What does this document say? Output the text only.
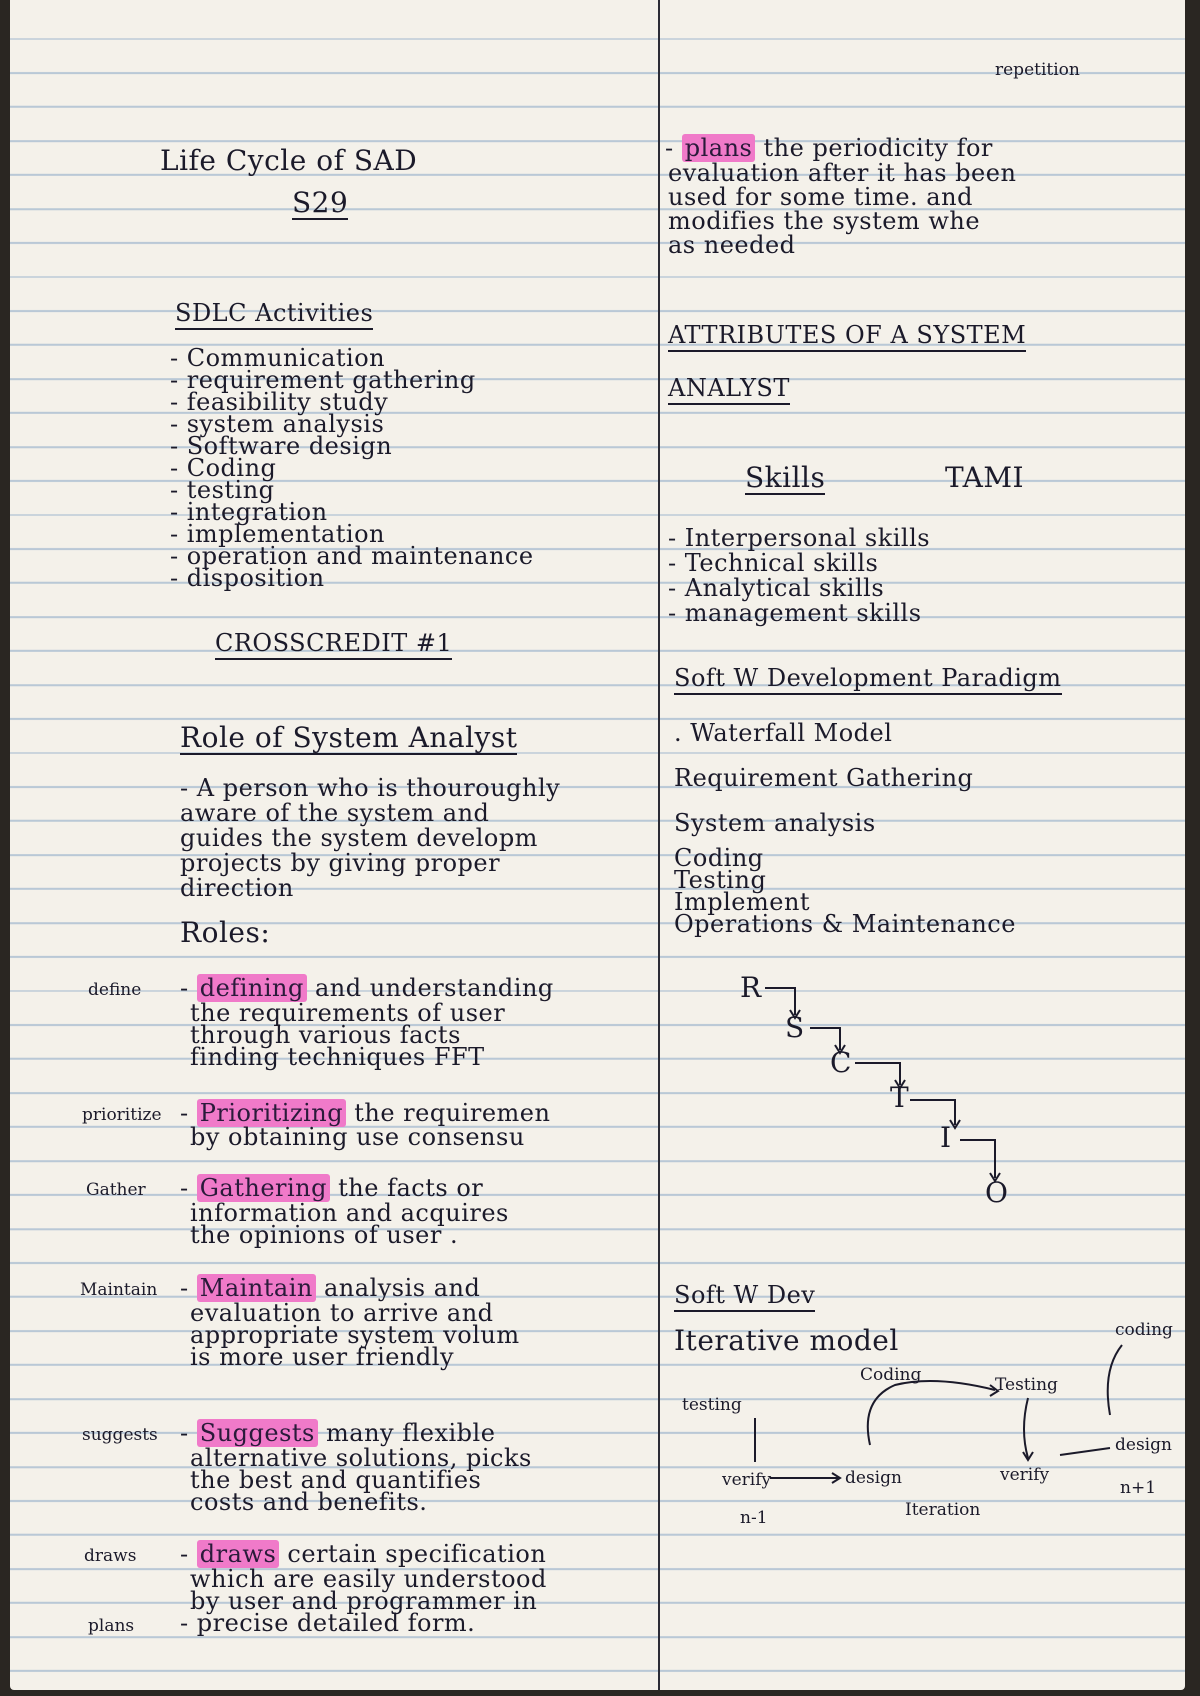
Life Cycle of SAD

S29

SDLC Activities

- Communication

- requirement gathering

- feasibility study

- system analysis

- Software design

- Coding

- testing

- integration

- implementation

- operation and maintenance

- disposition

CROSSCREDIT #1

Role of System Analyst

- A person who is thouroughly

aware of the system and

guides the system developm

projects by giving proper

direction

Roles:

define - defining and understanding

the requirements of user

through various facts

finding techniques FFT

prioritize - Prioritizing the requiremen

by obtaining use consensu

Gather - Gathering the facts or

information and acquires

the opinions of user .

Maintain - Maintain analysis and

evaluation to arrive and

appropriate system volum

is more user friendly

suggests - Suggests many flexible

alternative solutions, picks

the best and quantifies

costs and benefits.

draws - draws certain specification

which are easily understood

by user and programmer in

- precise detailed form.

plans

repetition

- plans the periodicity for

evaluation after it has been

used for some time. and

modifies the system whe

as needed

ATTRIBUTES OF A SYSTEM

ANALYST

Skills	TAMI

- Interpersonal skills

- Technical skills

- Analytical skills

- management skills

Soft W Development Paradigm

. Waterfall Model

Requirement Gathering

System analysis

Coding

Testing

Implement

Operations & Maintenance

R

S

C

T

I

O

Soft W Dev

Iterative model	coding

Coding	Testing

testing

design

verify	design	verify

n+1

n-1	Iteration
